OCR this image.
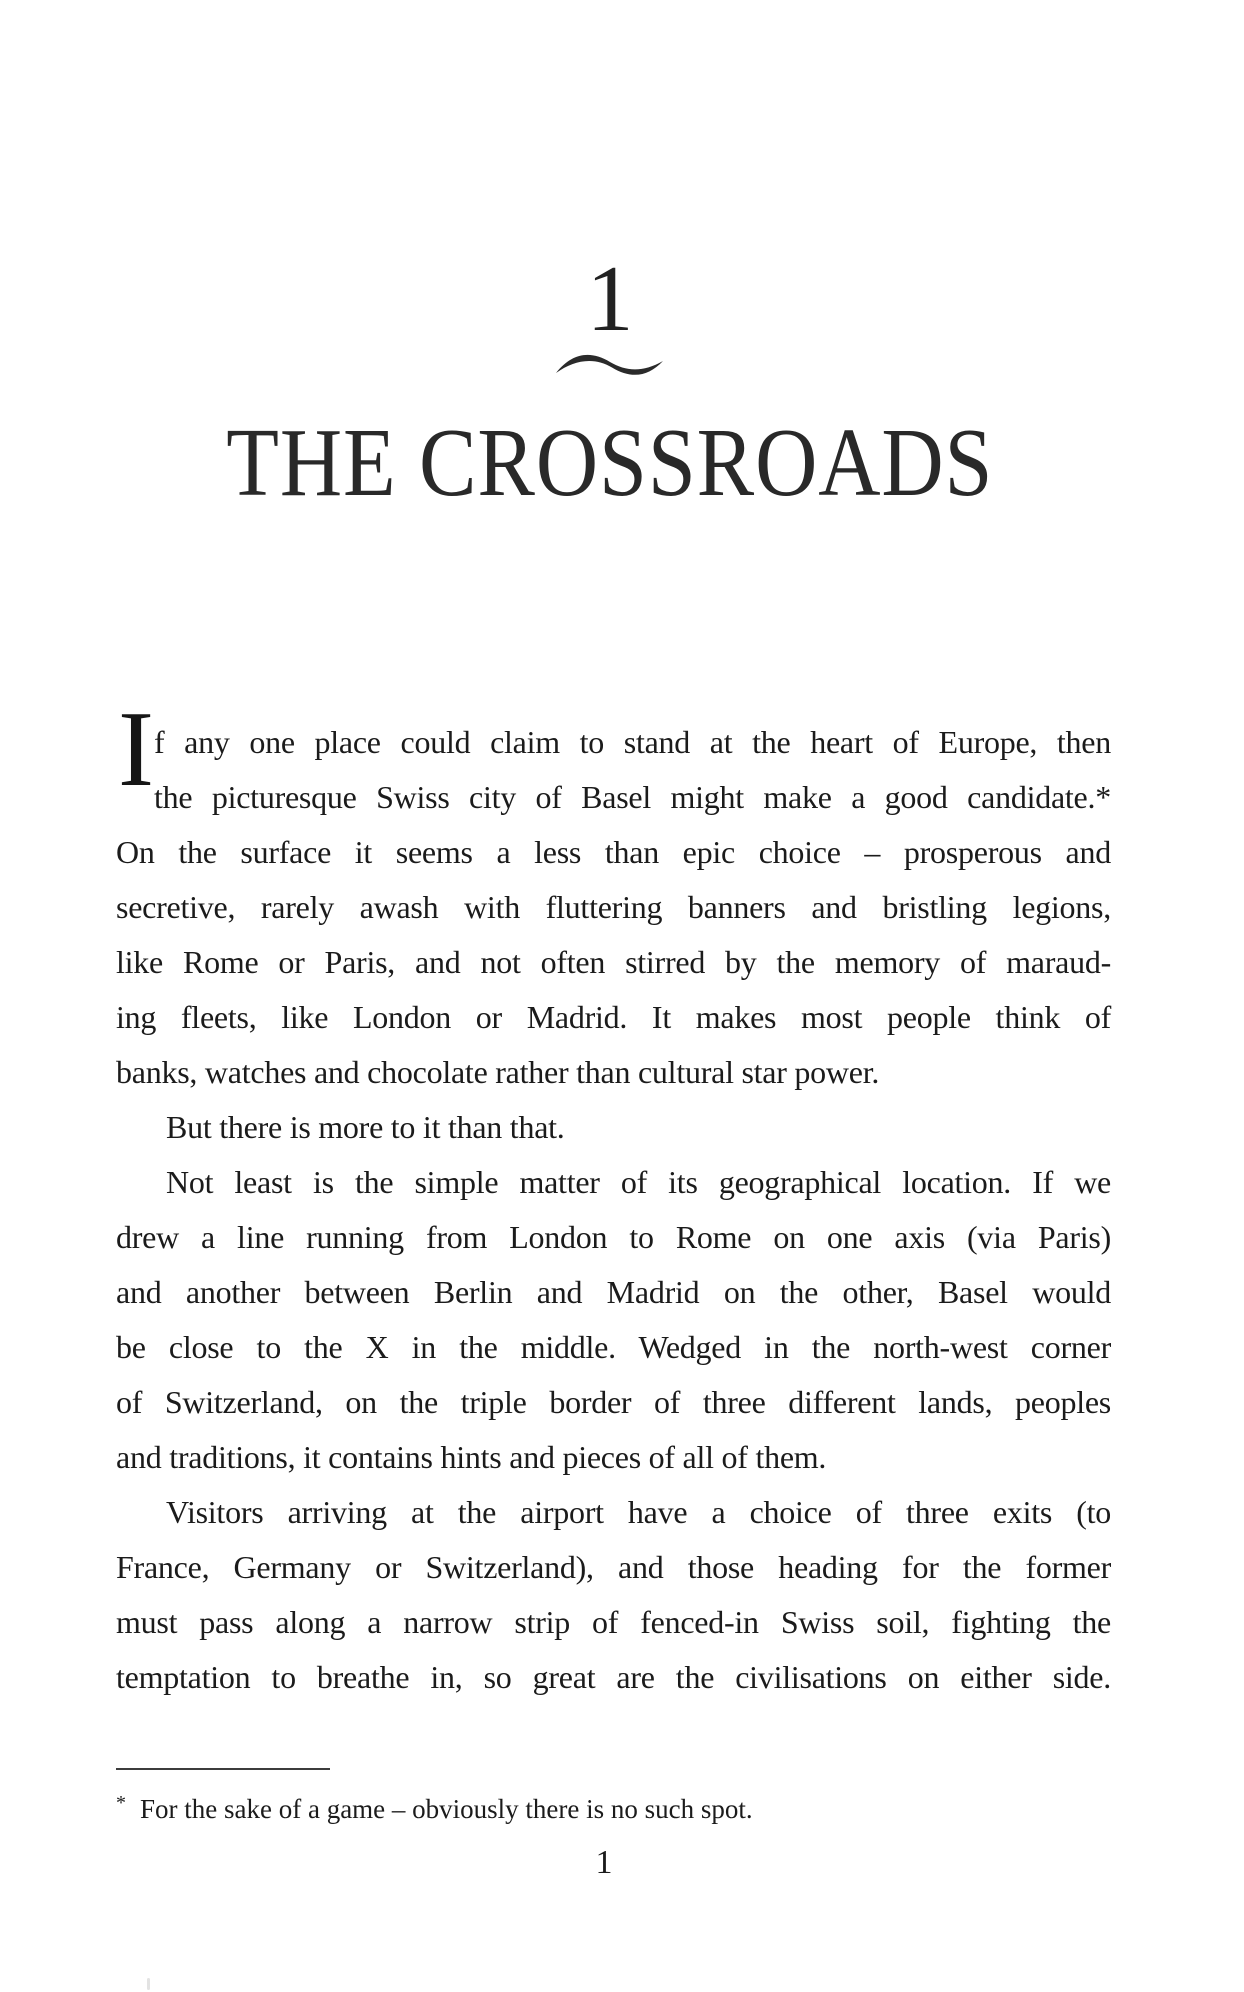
1
THE CROSSROADS
I f any one place could claim to stand at the heart of Europe, then
the picturesque Swiss city of Basel might make a good candidate.*
On the surface it seems a less than epic choice – prosperous and
secretive, rarely awash with fluttering banners and bristling legions,
like Rome or Paris, and not often stirred by the memory of maraud-
ing fleets, like London or Madrid. It makes most people think of
banks, watches and chocolate rather than cultural star power.
But there is more to it than that.
Not least is the simple matter of its geographical location. If we
drew a line running from London to Rome on one axis (via Paris)
and another between Berlin and Madrid on the other, Basel would
be close to the X in the middle. Wedged in the north-west corner
of Switzerland, on the triple border of three different lands, peoples
and traditions, it contains hints and pieces of all of them.
Visitors arriving at the airport have a choice of three exits (to
France, Germany or Switzerland), and those heading for the former
must pass along a narrow strip of fenced-in Swiss soil, fighting the
temptation to breathe in, so great are the civilisations on either side.
* For the sake of a game – obviously there is no such spot.
1
